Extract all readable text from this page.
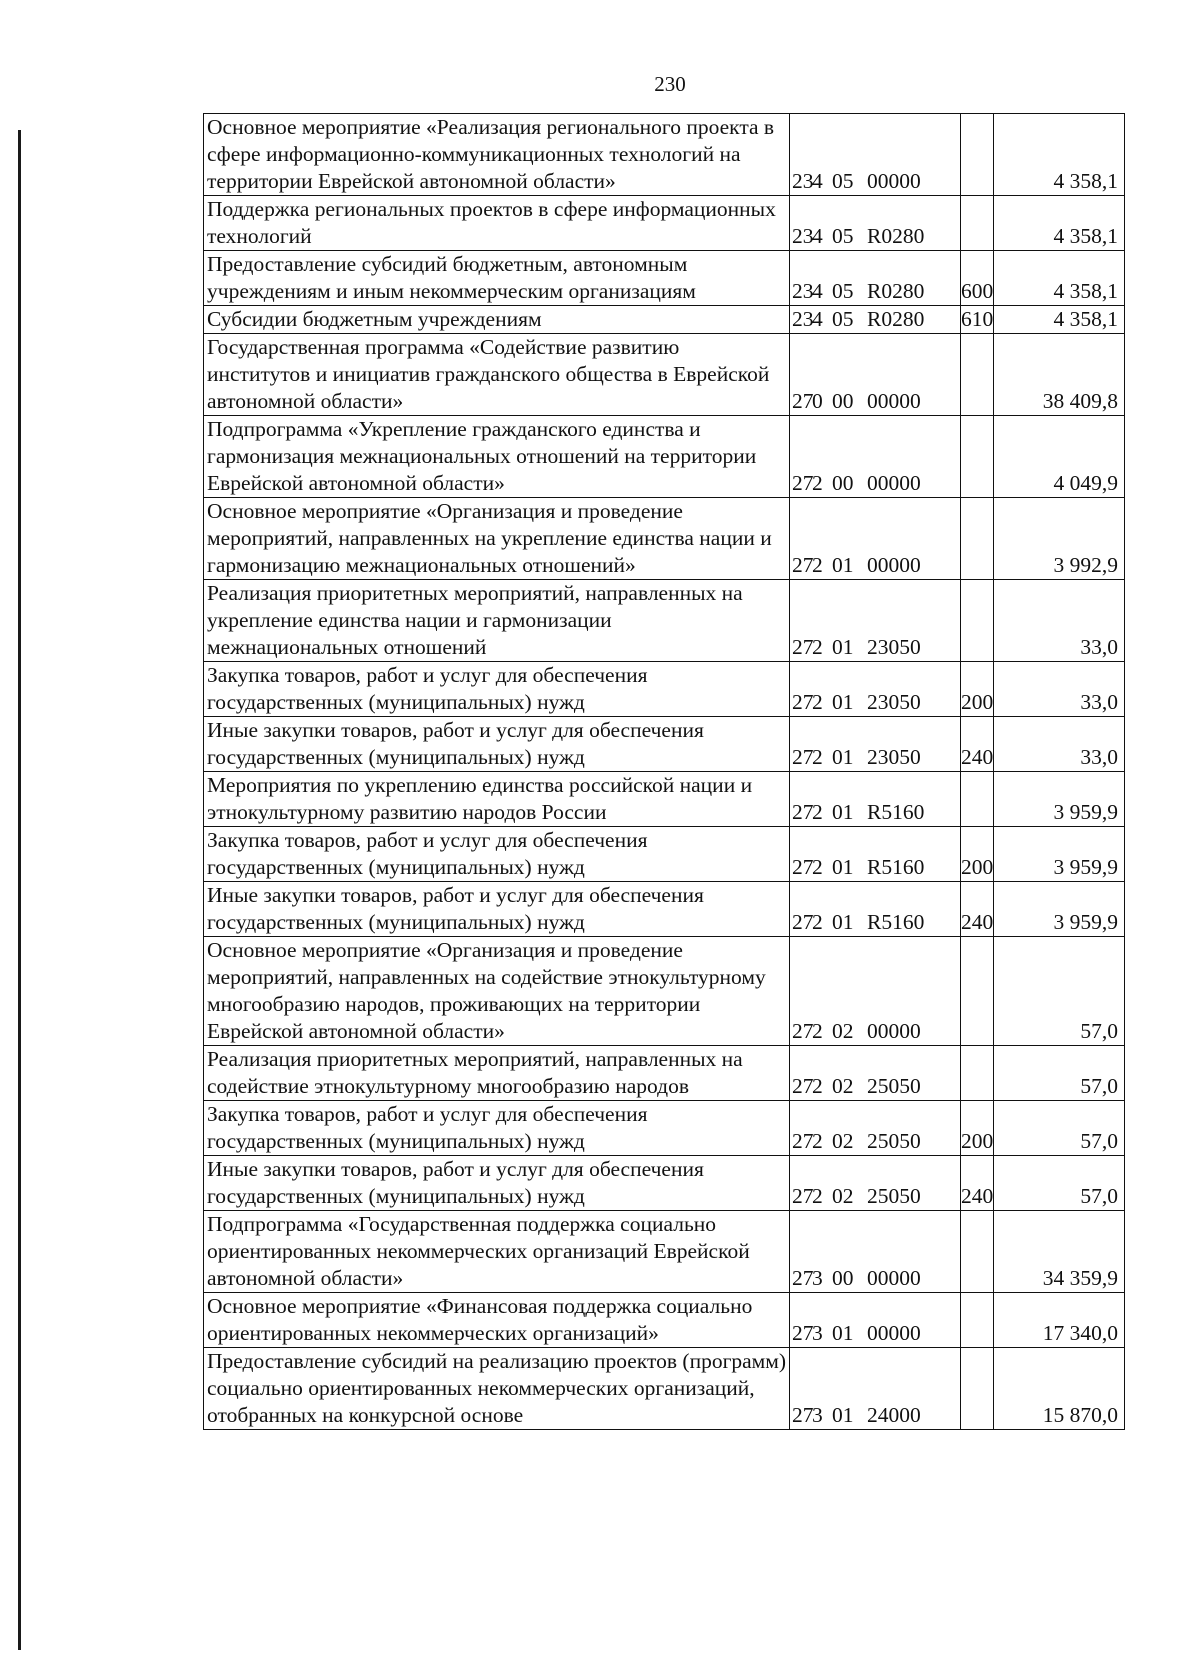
230
Основное мероприятие «Реализация регионального проекта в сфере информационно-коммуникационных технологий на территории Еврейской автономной области»	234 05 00000		4 358,1
Поддержка региональных проектов в сфере информационных технологий	234 05 R0280		4 358,1
Предоставление субсидий бюджетным, автономным учреждениям и иным некоммерческим организациям	234 05 R0280	600	4 358,1
Субсидии бюджетным учреждениям	234 05 R0280	610	4 358,1
Государственная программа «Содействие развитию институтов и инициатив гражданского общества в Еврейской автономной области»	270 00 00000		38 409,8
Подпрограмма «Укрепление гражданского единства и гармонизация межнациональных отношений на территории Еврейской автономной области»	272 00 00000		4 049,9
Основное мероприятие «Организация и проведение мероприятий, направленных на укрепление единства нации и гармонизацию межнациональных отношений»	272 01 00000		3 992,9
Реализация приоритетных мероприятий, направленных на укрепление единства нации и гармонизации межнациональных отношений	272 01 23050		33,0
Закупка товаров, работ и услуг для обеспечения государственных (муниципальных) нужд	272 01 23050	200	33,0
Иные закупки товаров, работ и услуг для обеспечения государственных (муниципальных) нужд	272 01 23050	240	33,0
Мероприятия по укреплению единства российской нации и этнокультурному развитию народов России	272 01 R5160		3 959,9
Закупка товаров, работ и услуг для обеспечения государственных (муниципальных) нужд	272 01 R5160	200	3 959,9
Иные закупки товаров, работ и услуг для обеспечения государственных (муниципальных) нужд	272 01 R5160	240	3 959,9
Основное мероприятие «Организация и проведение мероприятий, направленных на содействие этнокультурному многообразию народов, проживающих на территории Еврейской автономной области»	272 02 00000		57,0
Реализация приоритетных мероприятий, направленных на содействие этнокультурному многообразию народов	272 02 25050		57,0
Закупка товаров, работ и услуг для обеспечения государственных (муниципальных) нужд	272 02 25050	200	57,0
Иные закупки товаров, работ и услуг для обеспечения государственных (муниципальных) нужд	272 02 25050	240	57,0
Подпрограмма «Государственная поддержка социально ориентированных некоммерческих организаций Еврейской автономной области»	273 00 00000		34 359,9
Основное мероприятие «Финансовая поддержка социально ориентированных некоммерческих организаций»	273 01 00000		17 340,0
Предоставление субсидий на реализацию проектов (программ) социально ориентированных некоммерческих организаций, отобранных на конкурсной основе	273 01 24000		15 870,0
